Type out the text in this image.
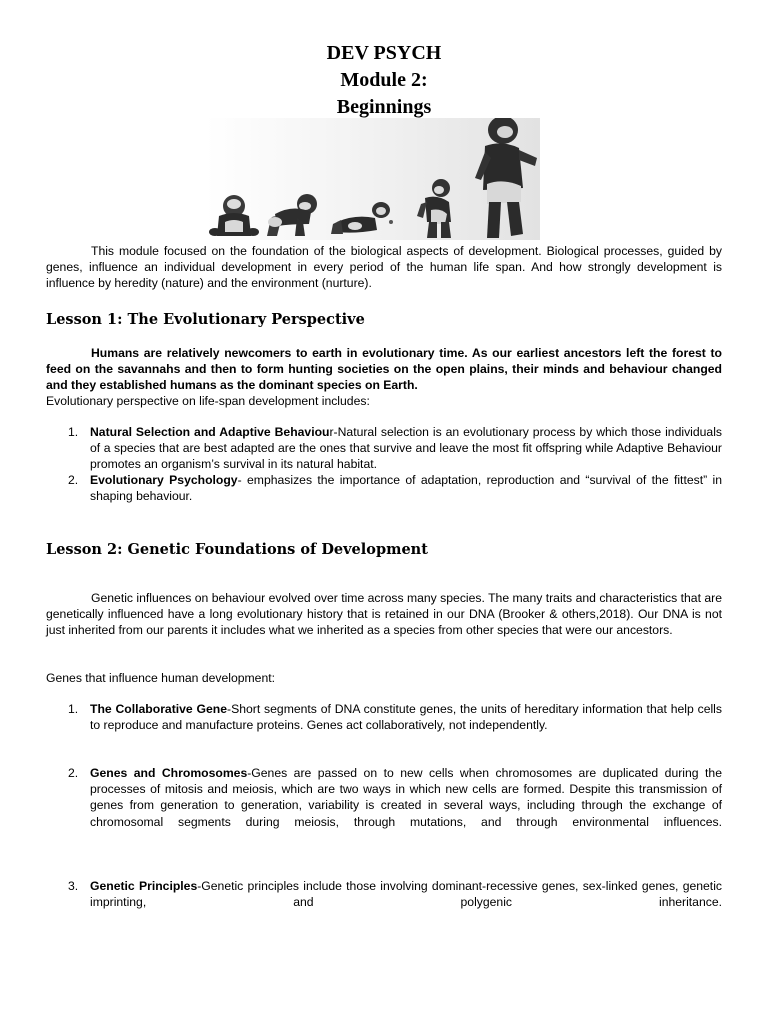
DEV PSYCH
Module 2:
Beginnings
This module focused on the foundation of the biological aspects of development. Biological processes, guided by genes, influence an individual development in every period of the human life span. And how strongly development is influence by heredity (nature) and the environment (nurture).
Lesson 1: The Evolutionary Perspective
Humans are relatively newcomers to earth in evolutionary time. As our earliest ancestors left the forest to feed on the savannahs and then to form hunting societies on the open plains, their minds and behaviour changed and they established humans as the dominant species on Earth.
Evolutionary perspective on life-span development includes:
1. Natural Selection and Adaptive Behaviour-Natural selection is an evolutionary process by which those individuals of a species that are best adapted are the ones that survive and leave the most fit offspring while Adaptive Behaviour promotes an organism’s survival in its natural habitat.
2. Evolutionary Psychology- emphasizes the importance of adaptation, reproduction and “survival of the fittest” in shaping behaviour.
Lesson 2: Genetic Foundations of Development
Genetic influences on behaviour evolved over time across many species. The many traits and characteristics that are genetically influenced have a long evolutionary history that is retained in our DNA (Brooker & others,2018). Our DNA is not just inherited from our parents it includes what we inherited as a species from other species that were our ancestors.
Genes that influence human development:
1. The Collaborative Gene-Short segments of DNA constitute genes, the units of hereditary information that help cells to reproduce and manufacture proteins. Genes act collaboratively, not independently.
2. Genes and Chromosomes-Genes are passed on to new cells when chromosomes are duplicated during the processes of mitosis and meiosis, which are two ways in which new cells are formed. Despite this transmission of genes from generation to generation, variability is created in several ways, including through the exchange of chromosomal segments during meiosis, through mutations, and through environmental influences.
3. Genetic Principles-Genetic principles include those involving dominant-recessive genes, sex-linked genes, genetic imprinting, and polygenic inheritance.
